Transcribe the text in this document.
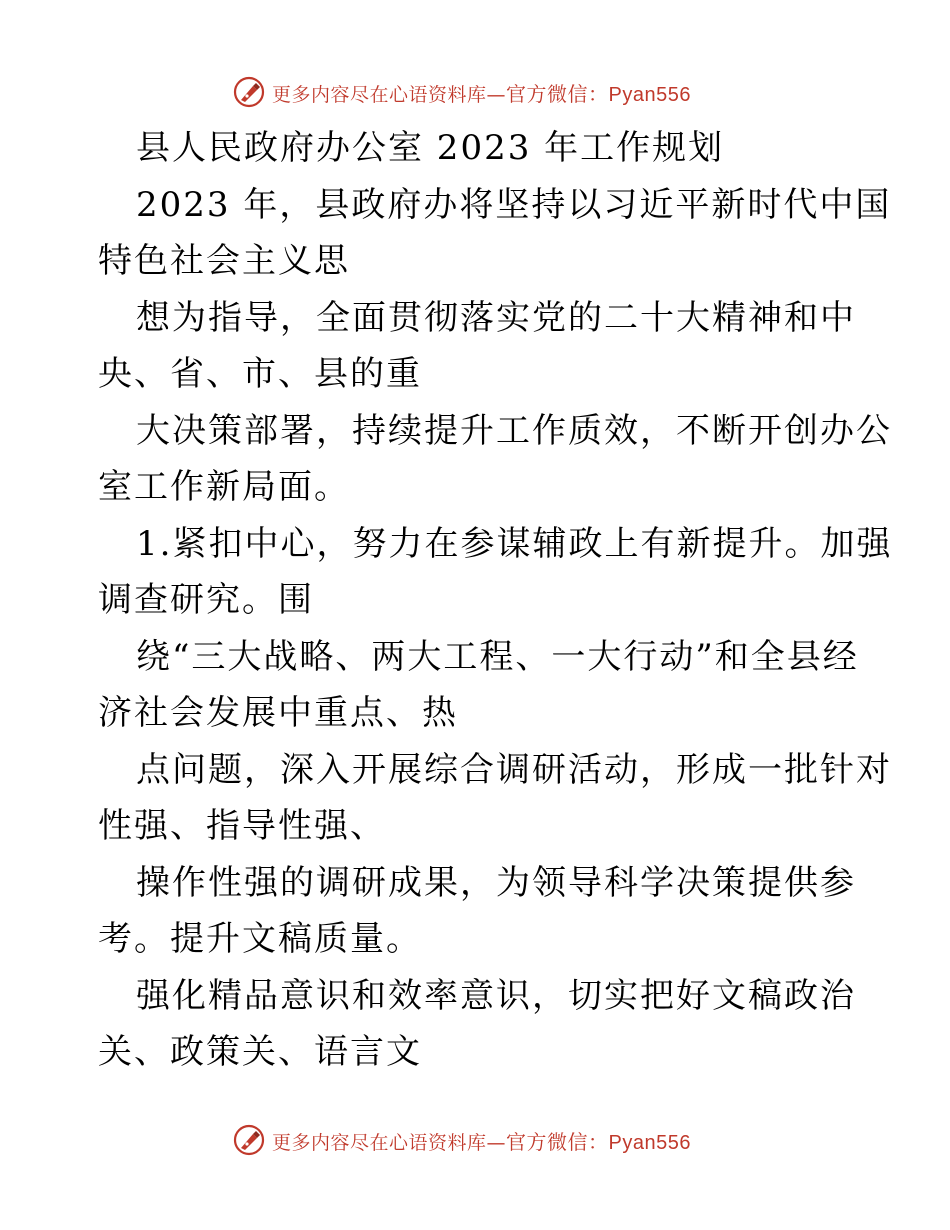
更多内容尽在心语资料库—官方微信：Pyan556
县人民政府办公室 2023 年工作规划
2023 年，县政府办将坚持以习近平新时代中国
特色社会主义思
想为指导，全面贯彻落实党的二十大精神和中
央、省、市、县的重
大决策部署，持续提升工作质效，不断开创办公
室工作新局面。
1.紧扣中心，努力在参谋辅政上有新提升。加强
调查研究。围
绕“三大战略、两大工程、一大行动”和全县经
济社会发展中重点、热
点问题，深入开展综合调研活动，形成一批针对
性强、指导性强、
操作性强的调研成果，为领导科学决策提供参
考。提升文稿质量。
强化精品意识和效率意识，切实把好文稿政治
关、政策关、语言文
更多内容尽在心语资料库—官方微信：Pyan556
